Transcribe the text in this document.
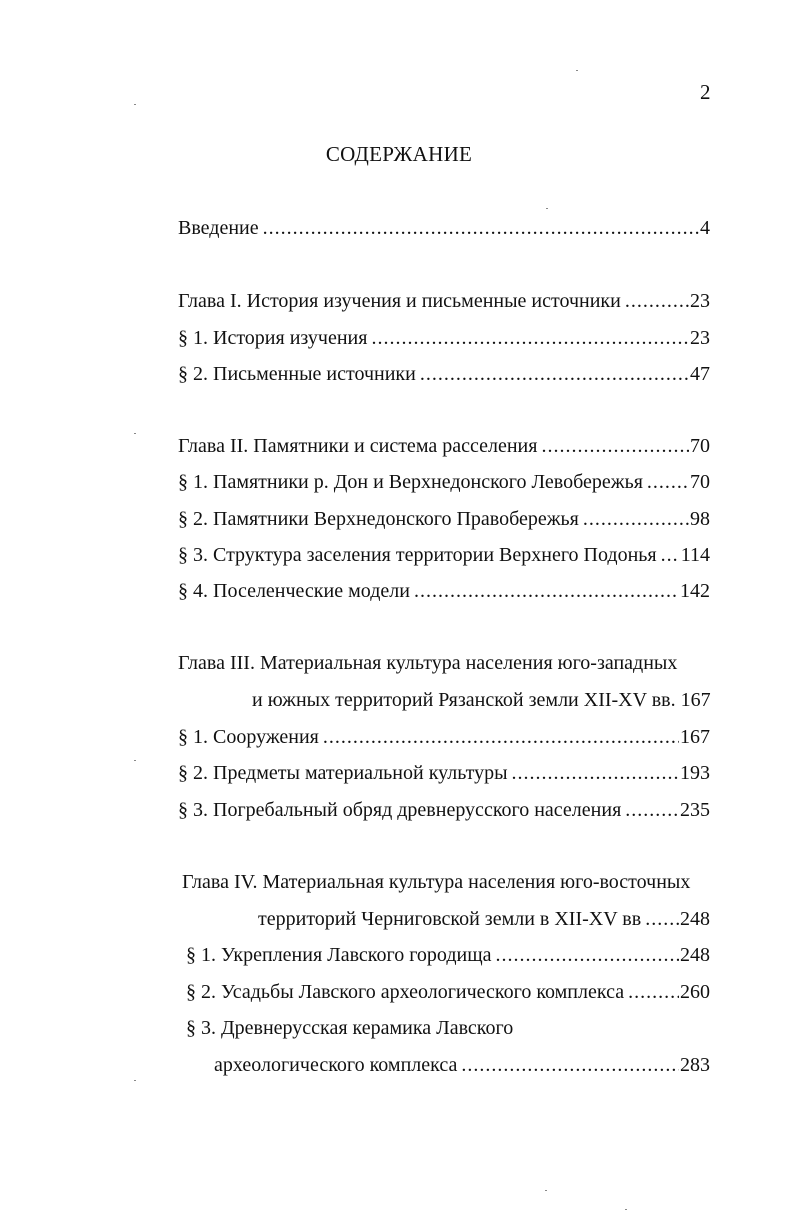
2
СОДЕРЖАНИЕ
Введение .....	4
Глава I. История изучения и письменные источники .....	23
§ 1. История изучения .....	23
§ 2. Письменные источники .....	47
Глава II. Памятники и система расселения .....	70
§ 1. Памятники р. Дон и Верхнедонского Левобережья ..... 70
§ 2. Памятники Верхнедонского Правобережья .....	98
§ 3. Структура заселения территории Верхнего Подонья ..... 114
§ 4. Поселенческие модели .....	142
Глава III. Материальная культура населения юго-западных
и южных территорий Рязанской земли XII-XV вв. 167
§ 1. Сооружения .....	167
§ 2. Предметы материальной культуры .....	193
§ 3. Погребальный обряд древнерусского населения .....	235
Глава IV. Материальная культура населения юго-восточных
территорий Черниговской земли в XII-XV вв ..... 248
§ 1. Укрепления Лавского городища .....	248
§ 2. Усадьбы Лавского археологического комплекса .....	260
§ 3. Древнерусская керамика Лавского
археологического комплекса .....	283
